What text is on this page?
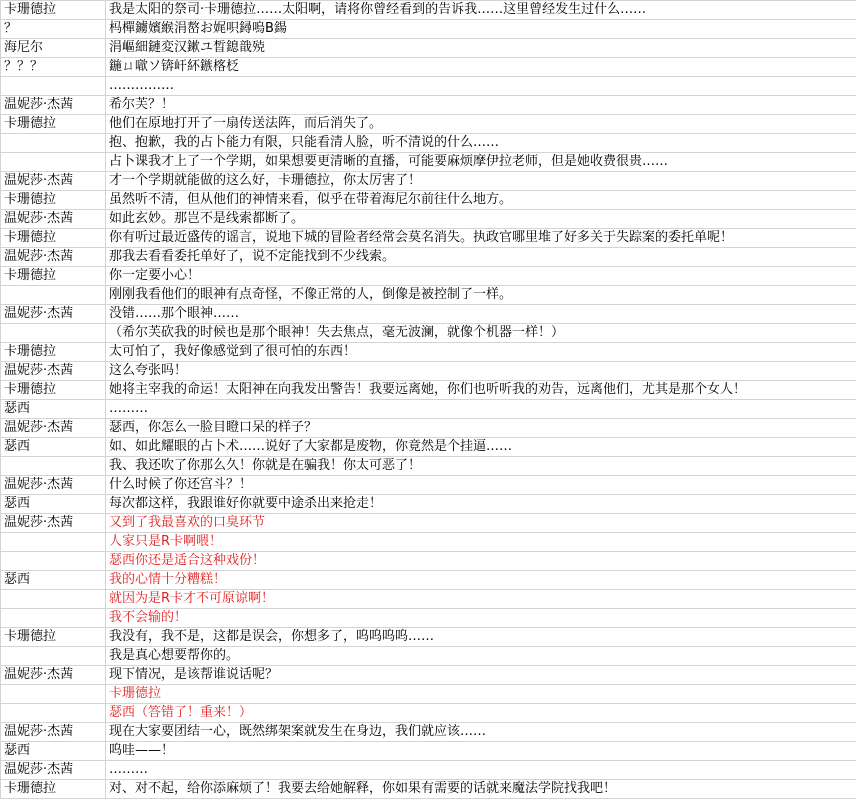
卡珊德拉	我是太阳的祭司·卡珊德拉……太阳啊，请将你曾经看到的告诉我……这里曾经发生过什么……
？	杩樿鐪嬪緱涓嶅お娓呮鐞嗚В鍚
海尼尔	涓嶇細鏈変汉鏉ユ晳鎴戠殑
？？？	鍦ㄩ噷ソ锛屽紑鏃楁柉
	……………
温妮莎·杰茜	希尔芙？！
卡珊德拉	他们在原地打开了一扇传送法阵，而后消失了。
	抱、抱歉，我的占卜能力有限，只能看清人脸，听不清说的什么……
	占卜课我才上了一个学期，如果想要更清晰的直播，可能要麻烦摩伊拉老师，但是她收费很贵……
温妮莎·杰茜	才一个学期就能做的这么好，卡珊德拉，你太厉害了！
卡珊德拉	虽然听不清，但从他们的神情来看，似乎在带着海尼尔前往什么地方。
温妮莎·杰茜	如此玄妙。那岂不是线索都断了。
卡珊德拉	你有听过最近盛传的谣言，说地下城的冒险者经常会莫名消失。执政官哪里堆了好多关于失踪案的委托单呢！
温妮莎·杰茜	那我去看看委托单好了，说不定能找到不少线索。
卡珊德拉	你一定要小心！
	刚刚我看他们的眼神有点奇怪，不像正常的人，倒像是被控制了一样。
温妮莎·杰茜	没错……那个眼神……
	（希尔芙砍我的时候也是那个眼神！失去焦点，毫无波澜，就像个机器一样！）
卡珊德拉	太可怕了，我好像感觉到了很可怕的东西！
温妮莎·杰茜	这么夸张吗！
卡珊德拉	她将主宰我的命运！太阳神在向我发出警告！我要远离她，你们也听听我的劝告，远离他们，尤其是那个女人！
瑟西	………
温妮莎·杰茜	瑟西，你怎么一脸目瞪口呆的样子？
瑟西	如、如此耀眼的占卜术……说好了大家都是废物，你竟然是个挂逼……
	我、我还吹了你那么久！你就是在骗我！你太可恶了！
温妮莎·杰茜	什么时候了你还宫斗？！
瑟西	每次都这样，我跟谁好你就要中途杀出来抢走！
温妮莎·杰茜	又到了我最喜欢的口臭环节
	人家只是R卡啊喂！
	瑟西你还是适合这种戏份！
瑟西	我的心情十分糟糕！
	就因为是R卡才不可原谅啊！
	我不会输的！
卡珊德拉	我没有，我不是，这都是误会，你想多了，呜呜呜呜……
	我是真心想要帮你的。
温妮莎·杰茜	现下情况，是该帮谁说话呢？
	卡珊德拉
	瑟西（答错了！重来！）
温妮莎·杰茜	现在大家要团结一心，既然绑架案就发生在身边，我们就应该……
瑟西	呜哇——！
温妮莎·杰茜	………
卡珊德拉	对、对不起，给你添麻烦了！我要去给她解释，你如果有需要的话就来魔法学院找我吧！
